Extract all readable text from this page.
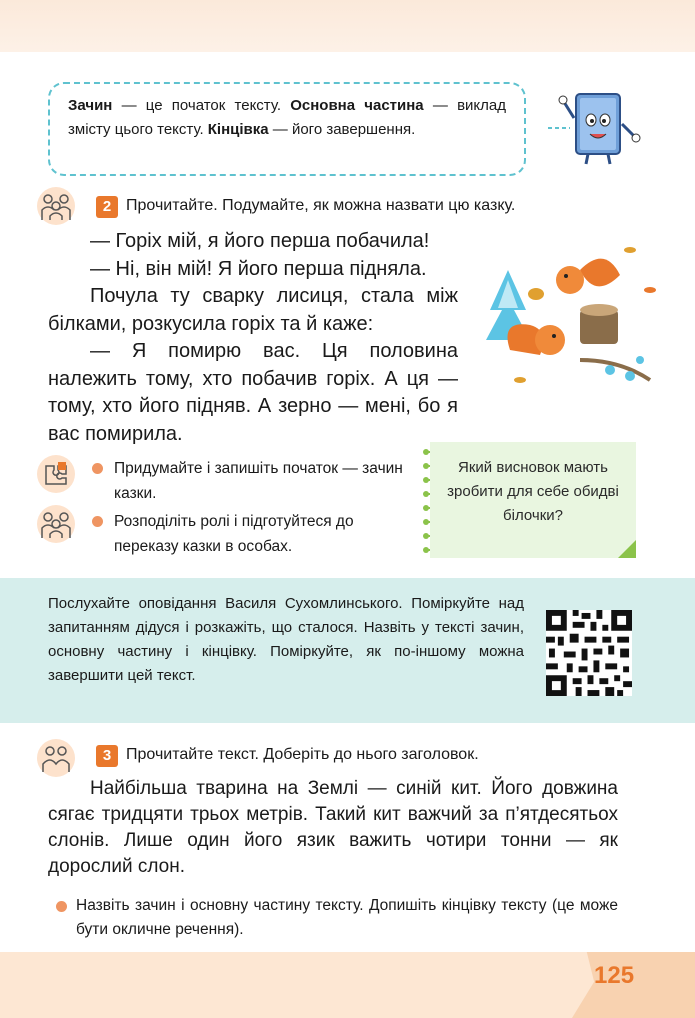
Зачин — це початок тексту. Основна частина — виклад змісту цього тексту. Кінцівка — його завершення.
2 Прочитайте. Подумайте, як можна назвати цю казку.

— Горіх мій, я його перша побачила!

— Ні, він мій! Я його перша підняла.

Почула ту сварку лисиця, стала між білками, розкусила горіх та й каже:

— Я помирю вас. Ця половина належить тому, хто побачив горіх. А ця — тому, хто його підняв. А зерно — мені, бо я вас помирила.

Придумайте і запишіть початок — зачин казки.
Розподіліть ролі і підготуйтеся до переказу казки в особах.
Який висновок мають зробити для себе обидві білочки?
Послухайте оповідання Василя Сухомлинського. Поміркуйте над запитанням дідуся і розкажіть, що сталося. Назвіть у тексті зачин, основну частину і кінцівку. Поміркуйте, як по-іншому можна завершити цей текст.
3 Прочитайте текст. Доберіть до нього заголовок.

Найбільша тварина на Землі — синій кит. Його довжина сягає тридцяти трьох метрів. Такий кит важчий за п’ятдесятьох слонів. Лише один його язик важить чотири тонни — як дорослий слон.

Назвіть зачин і основну частину тексту. Допишіть кінцівку тексту (це може бути окличне речення).
125
